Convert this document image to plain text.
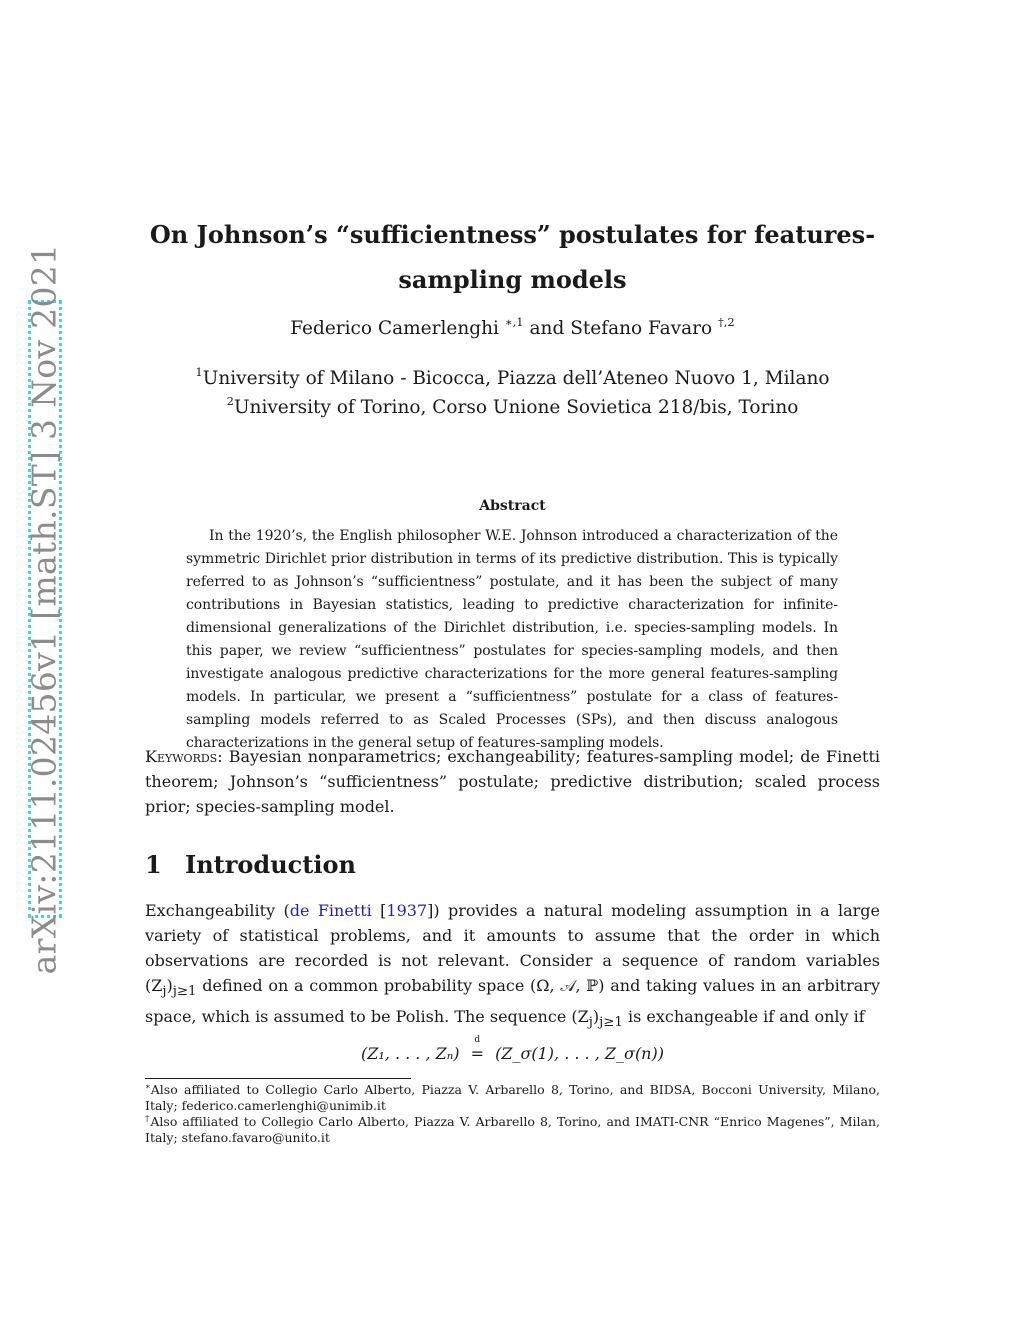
arXiv:2111.02456v1 [math.ST] 3 Nov 2021
On Johnson’s “sufficientness” postulates for features-sampling models
Federico Camerlenghi $^{∗,1}$ and Stefano Favaro $^{\dagger,2}$
$^1$University of Milano - Bicocca, Piazza dell’Ateneo Nuovo 1, Milano
$^2$University of Torino, Corso Unione Sovietica 218/bis, Torino
Abstract
In the 1920’s, the English philosopher W.E. Johnson introduced a characterization of the symmetric Dirichlet prior distribution in terms of its predictive distribution. This is typically referred to as Johnson’s “sufficientness” postulate, and it has been the subject of many contributions in Bayesian statistics, leading to predictive characterization for infinite-dimensional generalizations of the Dirichlet distribution, i.e. species-sampling models. In this paper, we review “sufficientness” postulates for species-sampling models, and then investigate analogous predictive characterizations for the more general features-sampling models. In particular, we present a “sufficientness” postulate for a class of features-sampling models referred to as Scaled Processes (SPs), and then discuss analogous characterizations in the general setup of features-sampling models.
Keywords: Bayesian nonparametrics; exchangeability; features-sampling model; de Finetti theorem; Johnson’s “sufficientness” postulate; predictive distribution; scaled process prior; species-sampling model.
1 Introduction
Exchangeability (de Finetti [1937]) provides a natural modeling assumption in a large variety of statistical problems, and it amounts to assume that the order in which observations are recorded is not relevant. Consider a sequence of random variables $(Z_j)_{j\ge 1}$ defined on a common probability space (Ω, 𝒜, ℙ) and taking values in an arbitrary space, which is assumed to be Polish. The sequence $(Z_j)_{j\ge 1}$ is exchangeable if and only if
(Z₁, . . . , Zₙ)
d
= (Z_σ(1), . . . , Z_σ(n))
∗Also affiliated to Collegio Carlo Alberto, Piazza V. Arbarello 8, Torino, and BIDSA, Bocconi University, Milano, Italy; federico.camerlenghi@unimib.it
†Also affiliated to Collegio Carlo Alberto, Piazza V. Arbarello 8, Torino, and IMATI-CNR “Enrico Magenes”, Milan, Italy; stefano.favaro@unito.it
